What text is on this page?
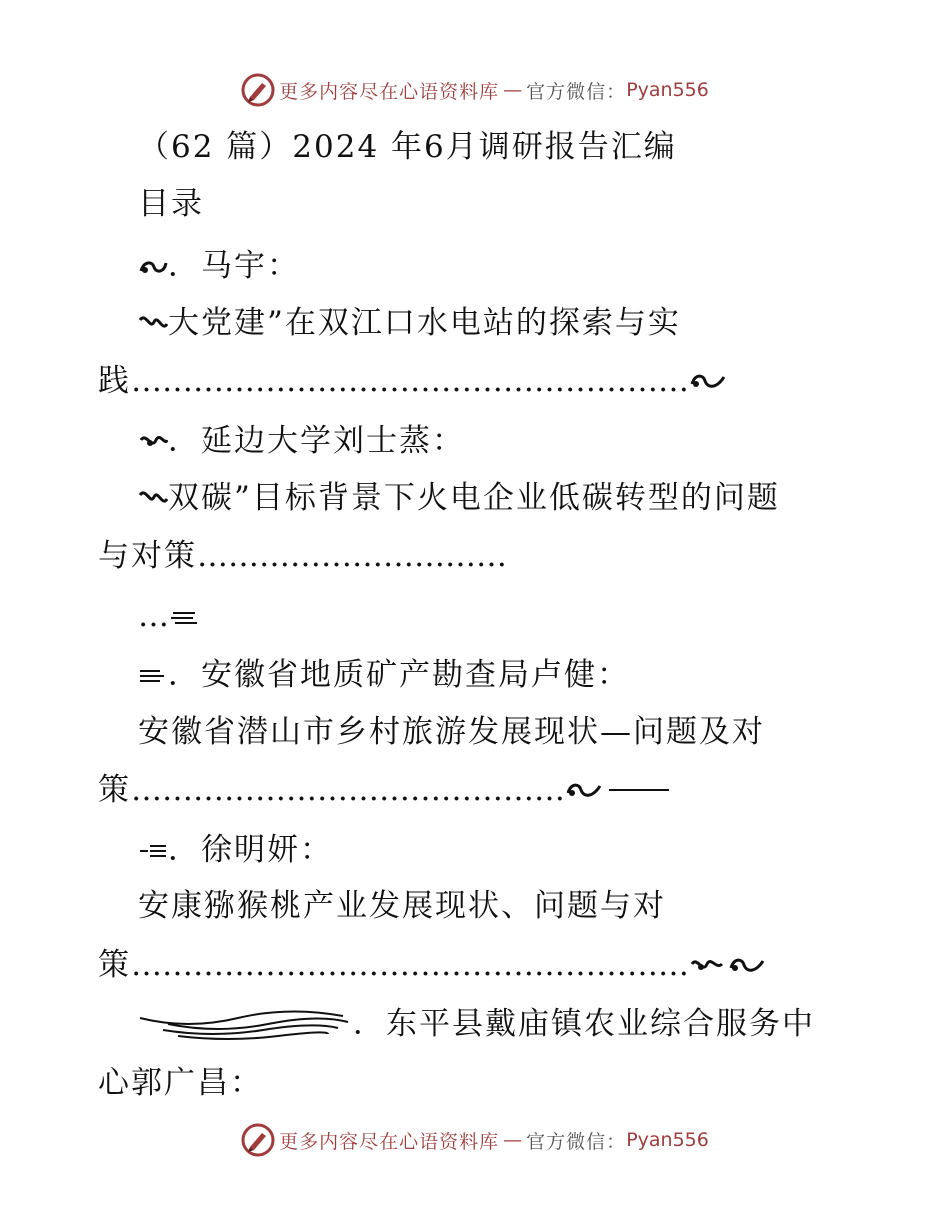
更多内容尽在心语资料库 — 官方微信： Pyan556
（62 篇）2024 年6月调研报告汇编
目录
．马宇：
大党建”在双江口水电站的探索与实
践 ………………………………………………
．延边大学刘士蒸：
双碳”目标背景下火电企业低碳转型的问题
与对策 …………………………
…
．安徽省地质矿产勘查局卢健：
安徽省潜山市乡村旅游发展现状—问题及对
策 ……………………………………
．徐明妍：
安康猕猴桃产业发展现状、问题与对
策 ………………………………………………
．东平县戴庙镇农业综合服务中
心郭广昌：
更多内容尽在心语资料库 — 官方微信： Pyan556
